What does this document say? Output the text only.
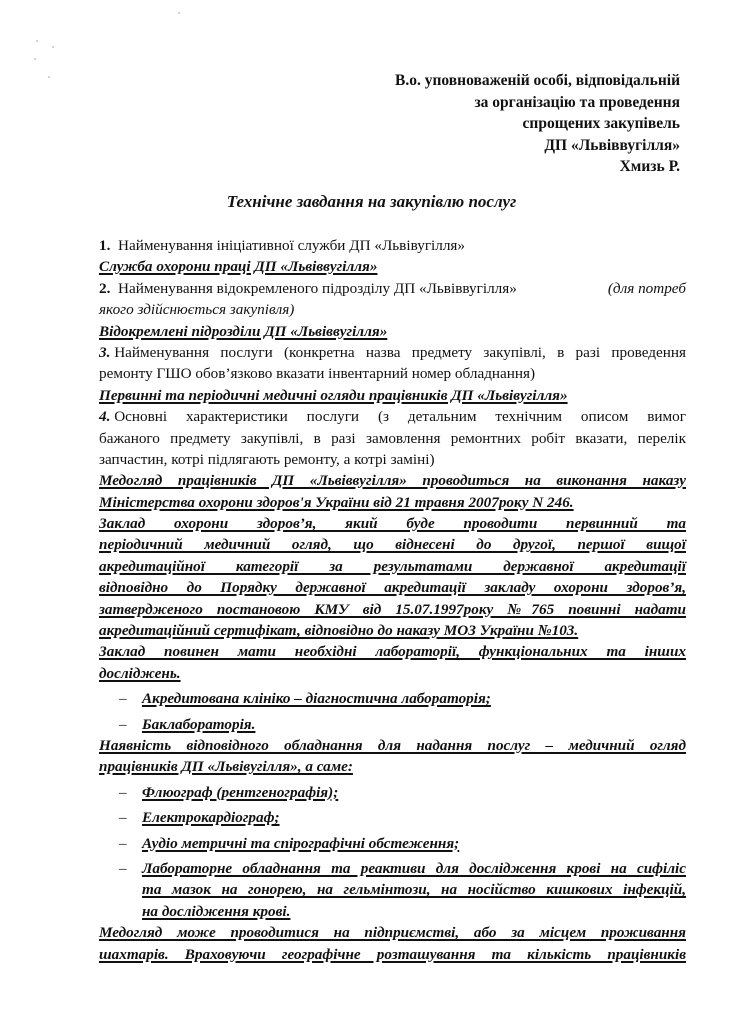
В.о. уповноваженій особі, відповідальній
за організацію та проведення
спрощених закупівель
ДП «Львіввугілля»
Хмизь Р.
Технічне завдання на закупівлю послуг
1. Найменування ініціативної служби ДП «Львівугілля»
Служба охорони праці ДП «Львіввугілля»
2. Найменування відокремленого підрозділу ДП «Львіввугілля»	(для потреб
якого здійснюється закупівля)
Відокремлені підрозділи ДП «Львіввугілля»
3.
Найменування послуги (конкретна назва предмету закупівлі, в разі проведення
ремонту ГШО обов’язково вказати інвентарний номер обладнання)
Первинні та періодичні медичні огляди працівників ДП «Львівугілля»
4.
Основні характеристики послуги (з детальним технічним описом вимог
бажаного предмету закупівлі, в разі замовлення ремонтних робіт вказати, перелік
запчастин, котрі підлягають ремонту, а котрі заміні)
Медогляд працівників ДП «Львіввугілля» проводиться на виконання наказу
Міністерства охорони здоров'я України від 21 травня 2007року N 246.
Заклад охорони здоров’я, який буде проводити первинний та
періодичний медичний огляд, що віднесені до другої, першої вищої
акредитаційної категорії за результатами державної акредитації
відповідно до Порядку державної акредитації закладу охорони здоров’я,
затвердженого постановою КМУ від 15.07.1997року №765 повинні надати
акредитаційний сертифікат, відповідно до наказу МОЗ України №103.
Заклад повинен мати необхідні лабораторії, функціональних та інших
досліджень.
– Акредитована клініко – діагностична лабораторія;
– Баклабораторія.
Наявність відповідного обладнання для надання послуг – медичний огляд
працівників ДП «Львівугілля», а саме:
– Флюограф (рентгенографія);
– Електрокардіограф;
– Аудіо метричні та спірографічні обстеження;
– Лабораторне обладнання та реактиви для дослідження крові на сифіліс
та мазок на гонорею, на гельмінтози, на носійство кишкових інфекцій,
на дослідження крові.
Медогляд може проводитися на підприємстві, або за місцем проживання
шахтарів. Враховуючи географічне розташування та кількість працівників
